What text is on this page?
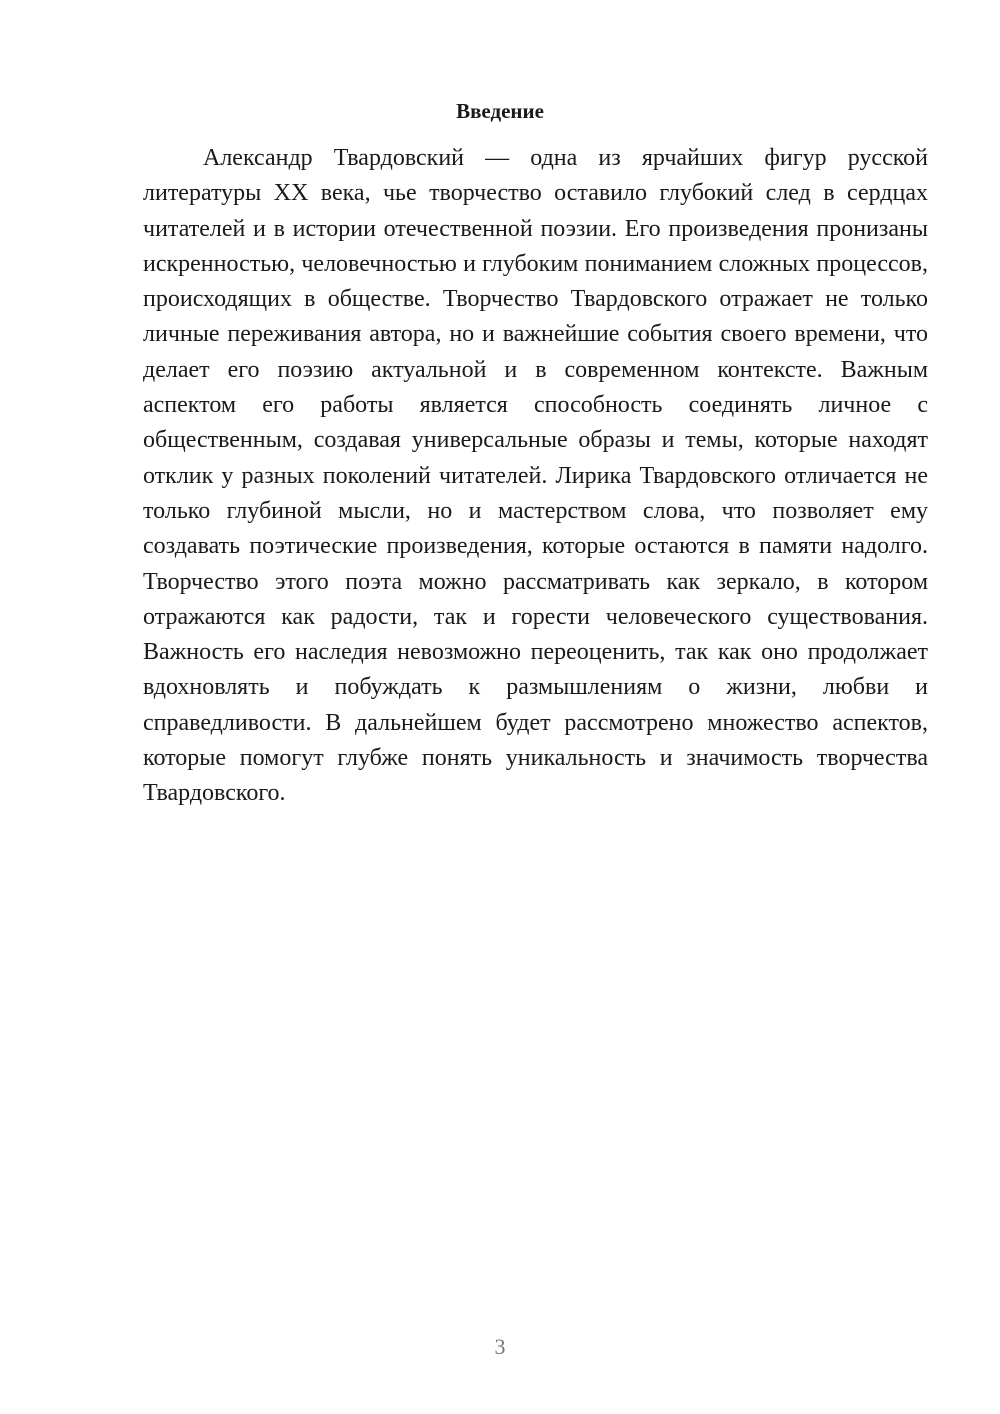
Введение

Александр Твардовский — одна из ярчайших фигур русской литературы XX века, чье творчество оставило глубокий след в сердцах читателей и в истории отечественной поэзии. Его произведения пронизаны искренностью, человечностью и глубоким пониманием сложных процессов, происходящих в обществе. Творчество Твардовского отражает не только личные переживания автора, но и важнейшие события своего времени, что делает его поэзию актуальной и в современном контексте. Важным аспектом его работы является способность соединять личное с общественным, создавая универсальные образы и темы, которые находят отклик у разных поколений читателей. Лирика Твардовского отличается не только глубиной мысли, но и мастерством слова, что позволяет ему создавать поэтические произведения, которые остаются в памяти надолго. Творчество этого поэта можно рассматривать как зеркало, в котором отражаются как радости, так и горести человеческого существования. Важность его наследия невозможно переоценить, так как оно продолжает вдохновлять и побуждать к размышлениям о жизни, любви и справедливости. В дальнейшем будет рассмотрено множество аспектов, которые помогут глубже понять уникальность и значимость творчества Твардовского.

3
